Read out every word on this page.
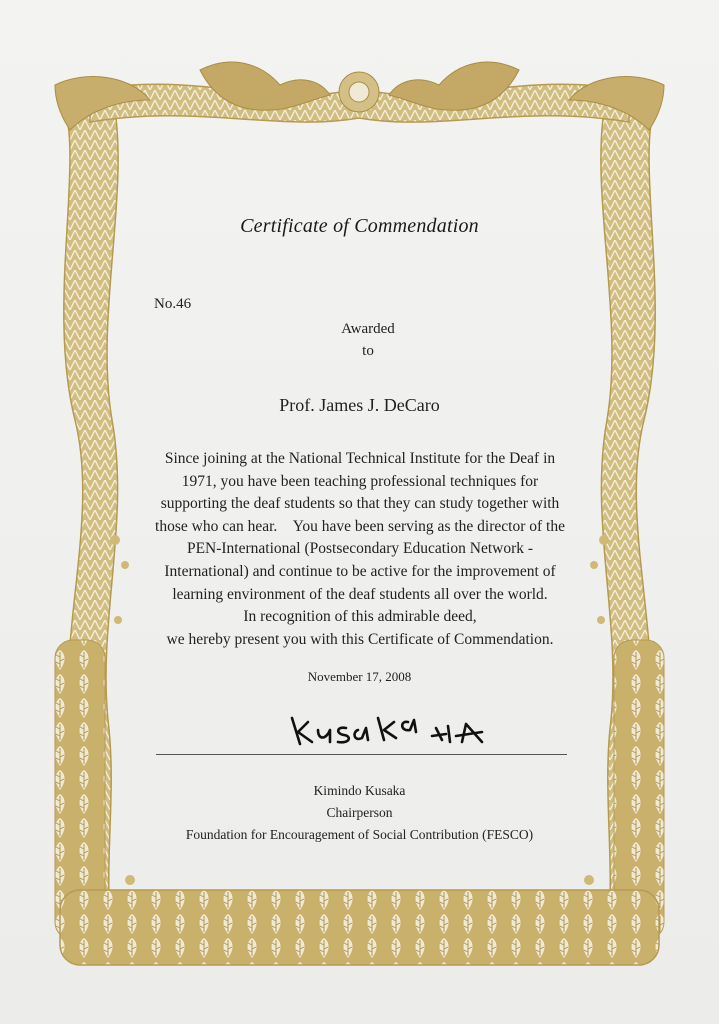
Certificate of Commendation

No.46

Awarded
to

Prof. James J. DeCaro

Since joining at the National Technical Institute for the Deaf in
1971, you have been teaching professional techniques for
supporting the deaf students so that they can study together with
those who can hear.    You have been serving as the director of the
PEN-International (Postsecondary Education Network -
International) and continue to be active for the improvement of
learning environment of the deaf students all over the world.
In recognition of this admirable deed,
we hereby present you with this Certificate of Commendation.

November 17, 2008

Kimindo Kusaka
Chairperson
Foundation for Encouragement of Social Contribution (FESCO)
